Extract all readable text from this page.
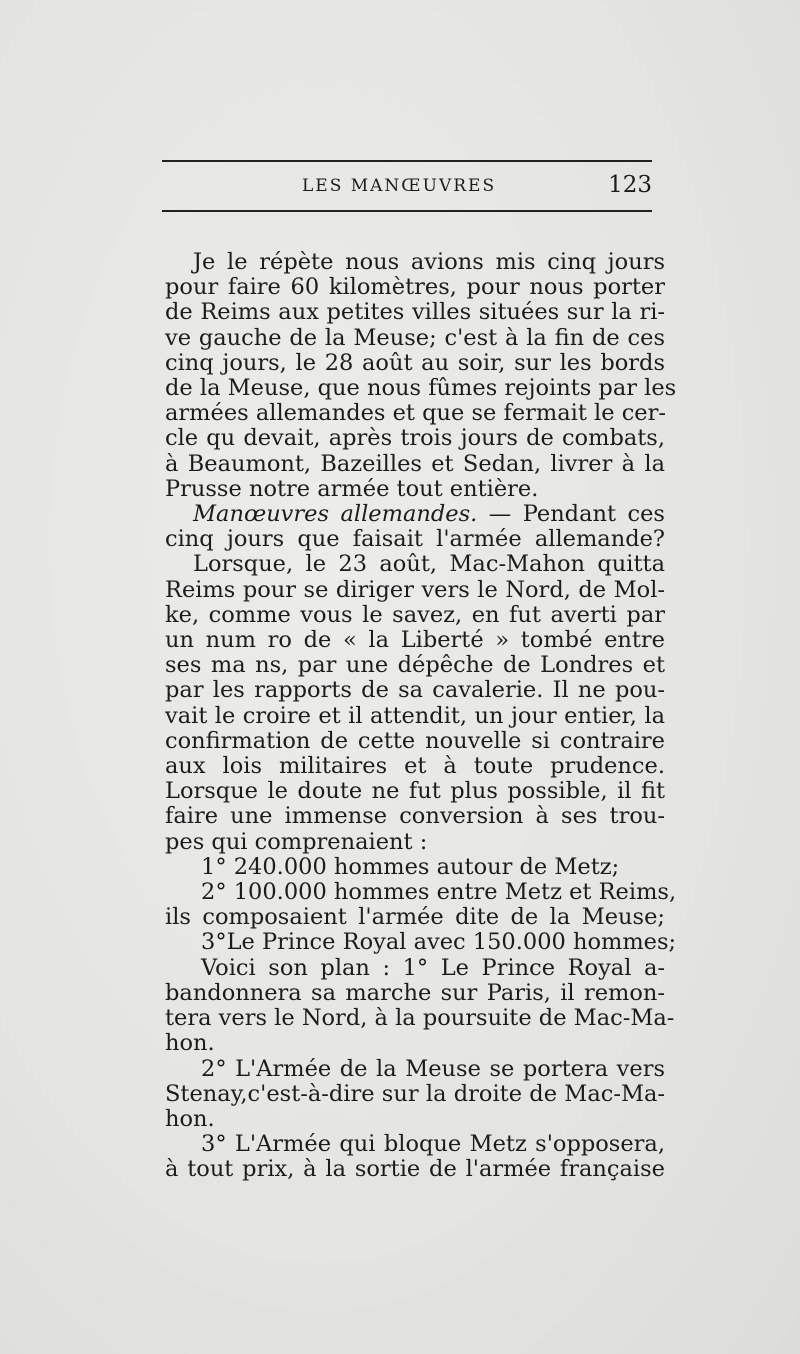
LES MANŒUVRES	123
Je le répète nous avions mis cinq jours
pour faire 60 kilomètres, pour nous porter
de Reims aux petites villes situées sur la ri-
ve gauche de la Meuse; c'est à la fin de ces
cinq jours, le 28 août au soir, sur les bords
de la Meuse, que nous fûmes rejoints par les
armées allemandes et que se fermait le cer-
cle qu devait, après trois jours de combats,
à Beaumont, Bazeilles et Sedan, livrer à la
Prusse notre armée tout entière.
Manœuvres allemandes. — Pendant ces
cinq jours que faisait l'armée allemande?
Lorsque, le 23 août, Mac-Mahon quitta
Reims pour se diriger vers le Nord, de Mol-
ke, comme vous le savez, en fut averti par
un num ro de « la Liberté » tombé entre
ses ma ns, par une dépêche de Londres et
par les rapports de sa cavalerie. Il ne pou-
vait le croire et il attendit, un jour entier, la
confirmation de cette nouvelle si contraire
aux lois militaires et à toute prudence.
Lorsque le doute ne fut plus possible, il fit
faire une immense conversion à ses trou-
pes qui comprenaient :
1° 240.000 hommes autour de Metz;
2° 100.000 hommes entre Metz et Reims,
ils composaient l'armée dite de la Meuse;
3°Le Prince Royal avec 150.000 hommes;
Voici son plan : 1° Le Prince Royal a-
bandonnera sa marche sur Paris, il remon-
tera vers le Nord, à la poursuite de Mac-Ma-
hon.
2° L'Armée de la Meuse se portera vers
Stenay,c'est-à-dire sur la droite de Mac-Ma-
hon.
3° L'Armée qui bloque Metz s'opposera,
à tout prix, à la sortie de l'armée française
